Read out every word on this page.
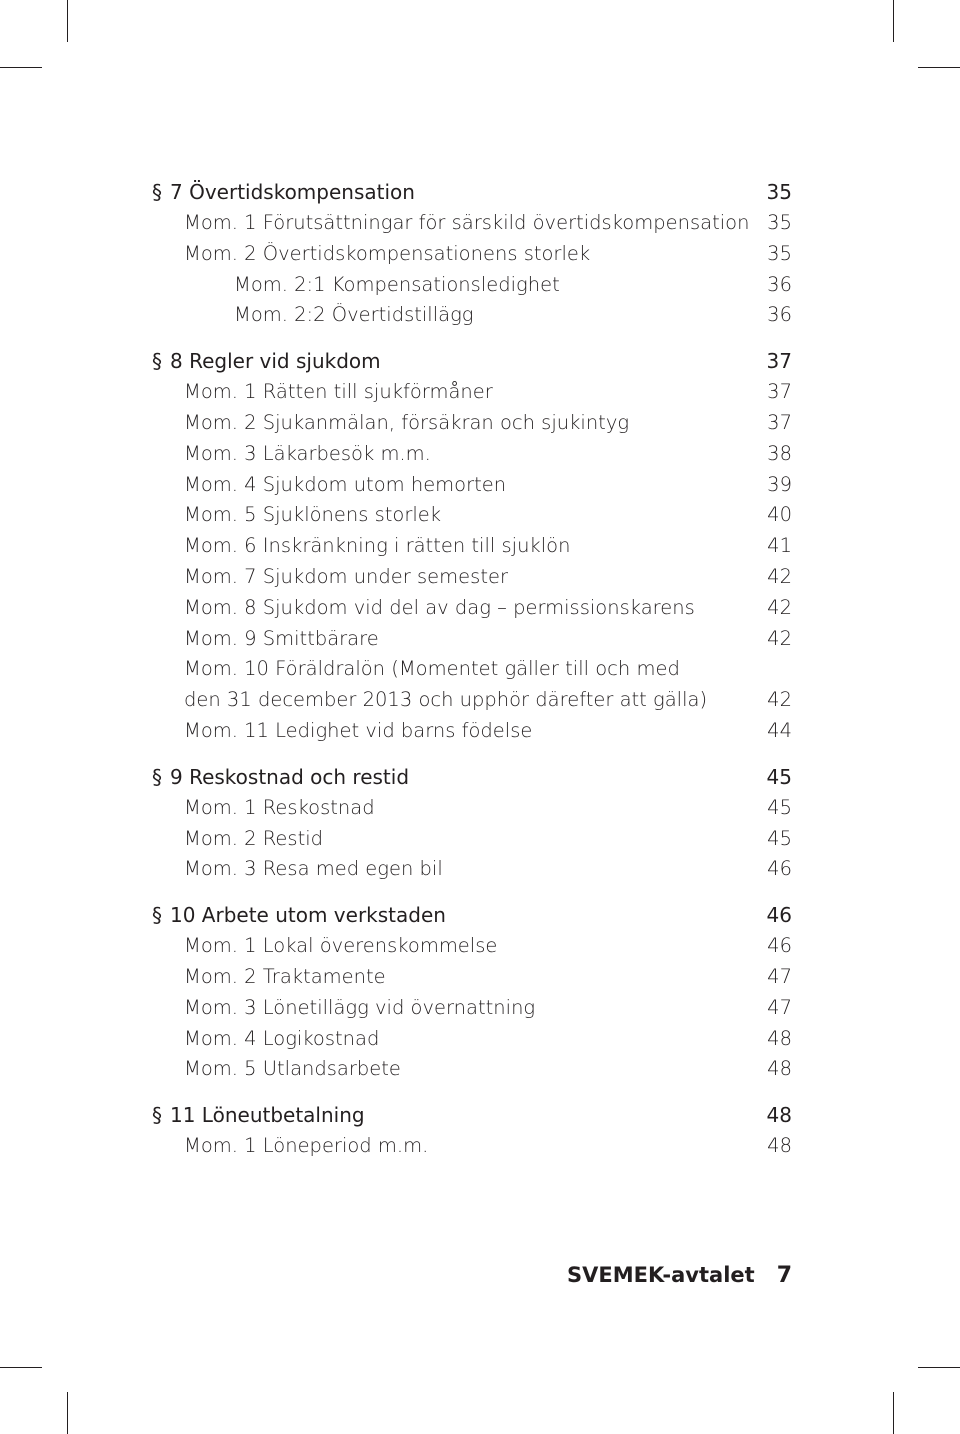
§ 7 Övertidskompensation	35
Mom. 1 Förutsättningar för särskild övertidskompensation 35
Mom. 2 Övertidskompensationens storlek	35
Mom. 2:1 Kompensationsledighet	36
Mom. 2:2 Övertidstillägg	36
§ 8 Regler vid sjukdom	37
Mom. 1 Rätten till sjukförmåner	37
Mom. 2 Sjukanmälan, försäkran och sjukintyg	37
Mom. 3 Läkarbesök m.m.	38
Mom. 4 Sjukdom utom hemorten	39
Mom. 5 Sjuklönens storlek	40
Mom. 6 Inskränkning i rätten till sjuklön	41
Mom. 7 Sjukdom under semester	42
Mom. 8 Sjukdom vid del av dag – permissionskarens	42
Mom. 9 Smittbärare	42
Mom. 10 Föräldralön (Momentet gäller till och med
den 31 december 2013 och upphör därefter att gälla)	42
Mom. 11 Ledighet vid barns födelse	44
§ 9 Reskostnad och restid	45
Mom. 1 Reskostnad	45
Mom. 2 Restid	45
Mom. 3 Resa med egen bil	46
§ 10 Arbete utom verkstaden	46
Mom. 1 Lokal överenskommelse	46
Mom. 2 Traktamente	47
Mom. 3 Lönetillägg vid övernattning	47
Mom. 4 Logikostnad	48
Mom. 5 Utlandsarbete	48
§ 11 Löneutbetalning	48
Mom. 1 Löneperiod m.m.	48
SVEMEK-avtalet 7
